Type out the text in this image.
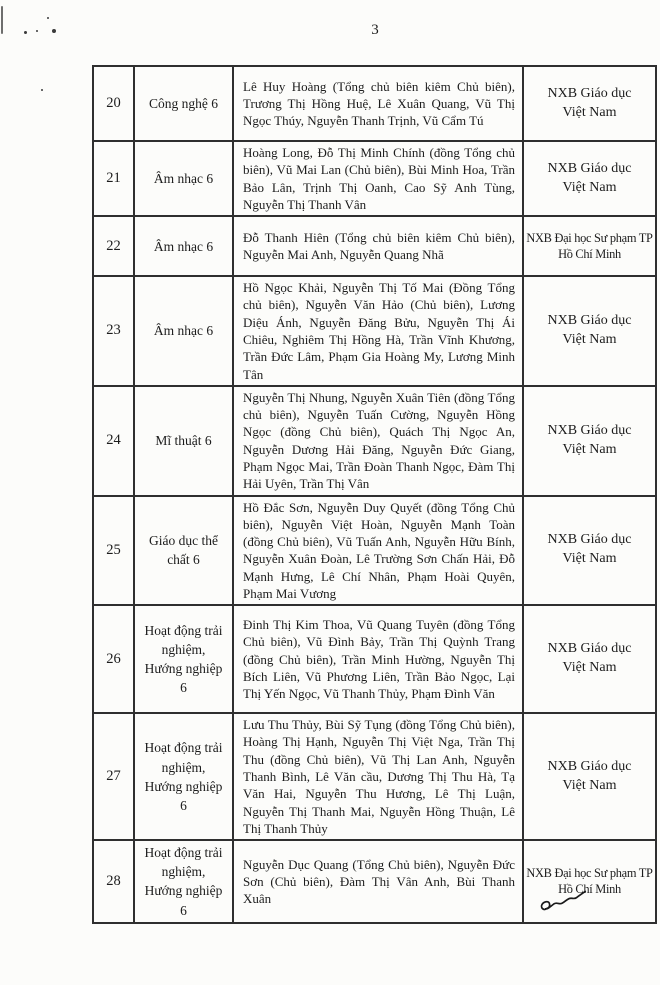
3
20	Công nghệ 6	Lê Huy Hoàng (Tổng chủ biên kiêm Chủ biên), Trương Thị Hồng Huệ, Lê Xuân Quang, Vũ Thị Ngọc Thúy, Nguyễn Thanh Trịnh, Vũ Cẩm Tú	NXB Giáo dục Việt Nam
21	Âm nhạc 6	Hoàng Long, Đỗ Thị Minh Chính (đồng Tổng chủ biên), Vũ Mai Lan (Chủ biên), Bùi Minh Hoa, Trần Bảo Lân, Trịnh Thị Oanh, Cao Sỹ Anh Tùng, Nguyễn Thị Thanh Vân	NXB Giáo dục Việt Nam
22	Âm nhạc 6	Đỗ Thanh Hiên (Tổng chủ biên kiêm Chủ biên), Nguyễn Mai Anh, Nguyễn Quang Nhã	NXB Đại học Sư phạm TP Hồ Chí Minh
23	Âm nhạc 6	Hồ Ngọc Khải, Nguyễn Thị Tố Mai (Đồng Tổng chủ biên), Nguyễn Văn Hảo (Chủ biên), Lương Diệu Ánh, Nguyễn Đăng Bửu, Nguyễn Thị Ái Chiêu, Nghiêm Thị Hồng Hà, Trần Vĩnh Khương, Trần Đức Lâm, Phạm Gia Hoàng My, Lương Minh Tân	NXB Giáo dục Việt Nam
24	Mĩ thuật 6	Nguyễn Thị Nhung, Nguyễn Xuân Tiên (đồng Tổng chủ biên), Nguyễn Tuấn Cường, Nguyễn Hồng Ngọc (đồng Chủ biên), Quách Thị Ngọc An, Nguyễn Dương Hải Đăng, Nguyễn Đức Giang, Phạm Ngọc Mai, Trần Đoàn Thanh Ngọc, Đàm Thị Hải Uyên, Trần Thị Vân	NXB Giáo dục Việt Nam
25	Giáo dục thể chất 6	Hồ Đắc Sơn, Nguyễn Duy Quyết (đồng Tổng Chủ biên), Nguyễn Việt Hoàn, Nguyễn Mạnh Toàn (đồng Chủ biên), Vũ Tuấn Anh, Nguyễn Hữu Bính, Nguyễn Xuân Đoàn, Lê Trường Sơn Chấn Hải, Đỗ Mạnh Hưng, Lê Chí Nhân, Phạm Hoài Quyên, Phạm Mai Vương	NXB Giáo dục Việt Nam
26	Hoạt động trải nghiệm, Hướng nghiệp 6	Đinh Thị Kim Thoa, Vũ Quang Tuyên (đồng Tổng Chủ biên), Vũ Đình Bảy, Trần Thị Quỳnh Trang (đồng Chủ biên), Trần Minh Hường, Nguyễn Thị Bích Liên, Vũ Phương Liên, Trần Bảo Ngọc, Lại Thị Yến Ngọc, Vũ Thanh Thủy, Phạm Đình Văn	NXB Giáo dục Việt Nam
27	Hoạt động trải nghiệm, Hướng nghiệp 6	Lưu Thu Thủy, Bùi Sỹ Tụng (đồng Tổng Chủ biên), Hoàng Thị Hạnh, Nguyễn Thị Việt Nga, Trần Thị Thu (đồng Chủ biên), Vũ Thị Lan Anh, Nguyễn Thanh Bình, Lê Văn cầu, Dương Thị Thu Hà, Tạ Văn Hai, Nguyễn Thu Hương, Lê Thị Luận, Nguyễn Thị Thanh Mai, Nguyễn Hồng Thuận, Lê Thị Thanh Thủy	NXB Giáo dục Việt Nam
28	Hoạt động trải nghiệm, Hướng nghiệp 6	Nguyễn Dục Quang (Tổng Chủ biên), Nguyễn Đức Sơn (Chủ biên), Đàm Thị Vân Anh, Bùi Thanh Xuân	NXB Đại học Sư phạm TP Hồ Chí Minh
